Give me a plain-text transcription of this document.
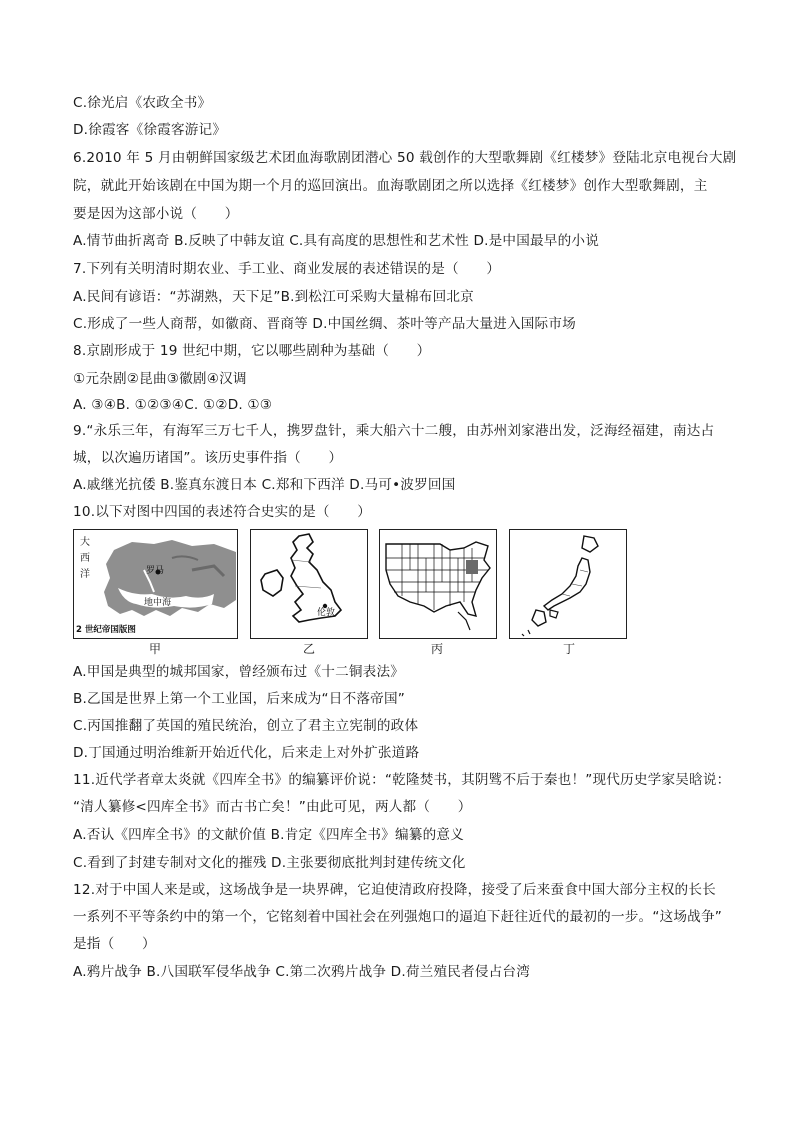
C.徐光启《农政全书》
D.徐霞客《徐霞客游记》
6.2010 年 5 月由朝鲜国家级艺术团血海歌剧团潜心 50 载创作的大型歌舞剧《红楼梦》登陆北京电视台大剧
院，就此开始该剧在中国为期一个月的巡回演出。血海歌剧团之所以选择《红楼梦》创作大型歌舞剧，主
要是因为这部小说（　　）
A.情节曲折离奇 B.反映了中韩友谊 C.具有高度的思想性和艺术性 D.是中国最早的小说
7.下列有关明清时期农业、手工业、商业发展的表述错误的是（　　）
A.民间有谚语：“苏湖熟，天下足”B.到松江可采购大量棉布回北京
C.形成了一些人商帮，如徽商、晋商等 D.中国丝绸、茶叶等产品大量进入国际市场
8.京剧形成于 19 世纪中期，它以哪些剧种为基础（　　）
①元杂剧②昆曲③徽剧④汉调
A. ③④B. ①②③④C. ①②D. ①③
9.“永乐三年，有海军三万七千人，携罗盘针，乘大船六十二艘，由苏州刘家港出发，泛海经福建，南达占
城，以次遍历诸国”。该历史事件指（　　）
A.戚继光抗倭 B.鉴真东渡日本 C.郑和下西洋 D.马可•波罗回国
10.以下对图中四国的表述符合史实的是（　　）
大
西
洋	罗马
地中海
2 世纪帝国版图
甲
伦敦
乙	丙	丁
A.甲国是典型的城邦国家，曾经颁布过《十二铜表法》
B.乙国是世界上第一个工业国，后来成为“日不落帝国”
C.丙国推翻了英国的殖民统治，创立了君主立宪制的政体
D.丁国通过明治维新开始近代化，后来走上对外扩张道路
11.近代学者章太炎就《四库全书》的编纂评价说：“乾隆焚书，其阴骘不后于秦也！”现代历史学家吴晗说：
“清人纂修<四库全书》而古书亡矣！”由此可见，两人都（　　）
A.否认《四库全书》的文献价值 B.肯定《四库全书》编纂的意义
C.看到了封建专制对文化的摧残 D.主张要彻底批判封建传统文化
12.对于中国人来是或，这场战争是一块界碑，它迫使清政府投降，接受了后来蚕食中国大部分主权的长长
一系列不平等条约中的第一个，它铭刻着中国社会在列强炮口的逼迫下赶往近代的最初的一步。“这场战争”
是指（　　）
A.鸦片战争 B.八国联军侵华战争 C.第二次鸦片战争 D.荷兰殖民者侵占台湾
